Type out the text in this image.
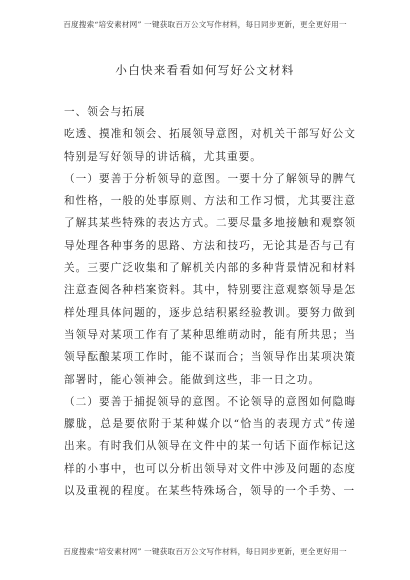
百度搜索“培安素材网” 一键获取百万公文写作材料，每日同步更新，更全更好用一
小白快来看看如何写好公文材料

一、领会与拓展

吃透、摸准和领会、拓展领导意图，对机关干部写好公文特别是写好领导的讲话稿，尤其重要。

（一）要善于分析领导的意图。一要十分了解领导的脾气和性格，一般的处事原则、方法和工作习惯，尤其要注意了解其某些特殊的表达方式。二要尽量多地接触和观察领导处理各种事务的思路、方法和技巧，无论其是否与己有关。三要广泛收集和了解机关内部的多种背景情况和材料注意查阅各种档案资料。其中，特别要注意观察领导是怎样处理具体问题的，逐步总结积累经验教训。要努力做到当领导对某项工作有了某种思维萌动时，能有所共思；当领导酝酿某项工作时，能不谋而合；当领导作出某项决策部署时，能心领神会。能做到这些，非一日之功。

（二）要善于捕捉领导的意图。不论领导的意图如何隐晦朦胧，总是要依附于某种媒介以“恰当的表现方式”传递出来。有时我们从领导在文件中的某一句话下面作标记这样的小事中，也可以分析出领导对文件中涉及问题的态度以及重视的程度。在某些特殊场合，领导的一个手势、一

百度搜索“培安素材网” 一键获取百万公文写作材料，每日同步更新，更全更好用一
